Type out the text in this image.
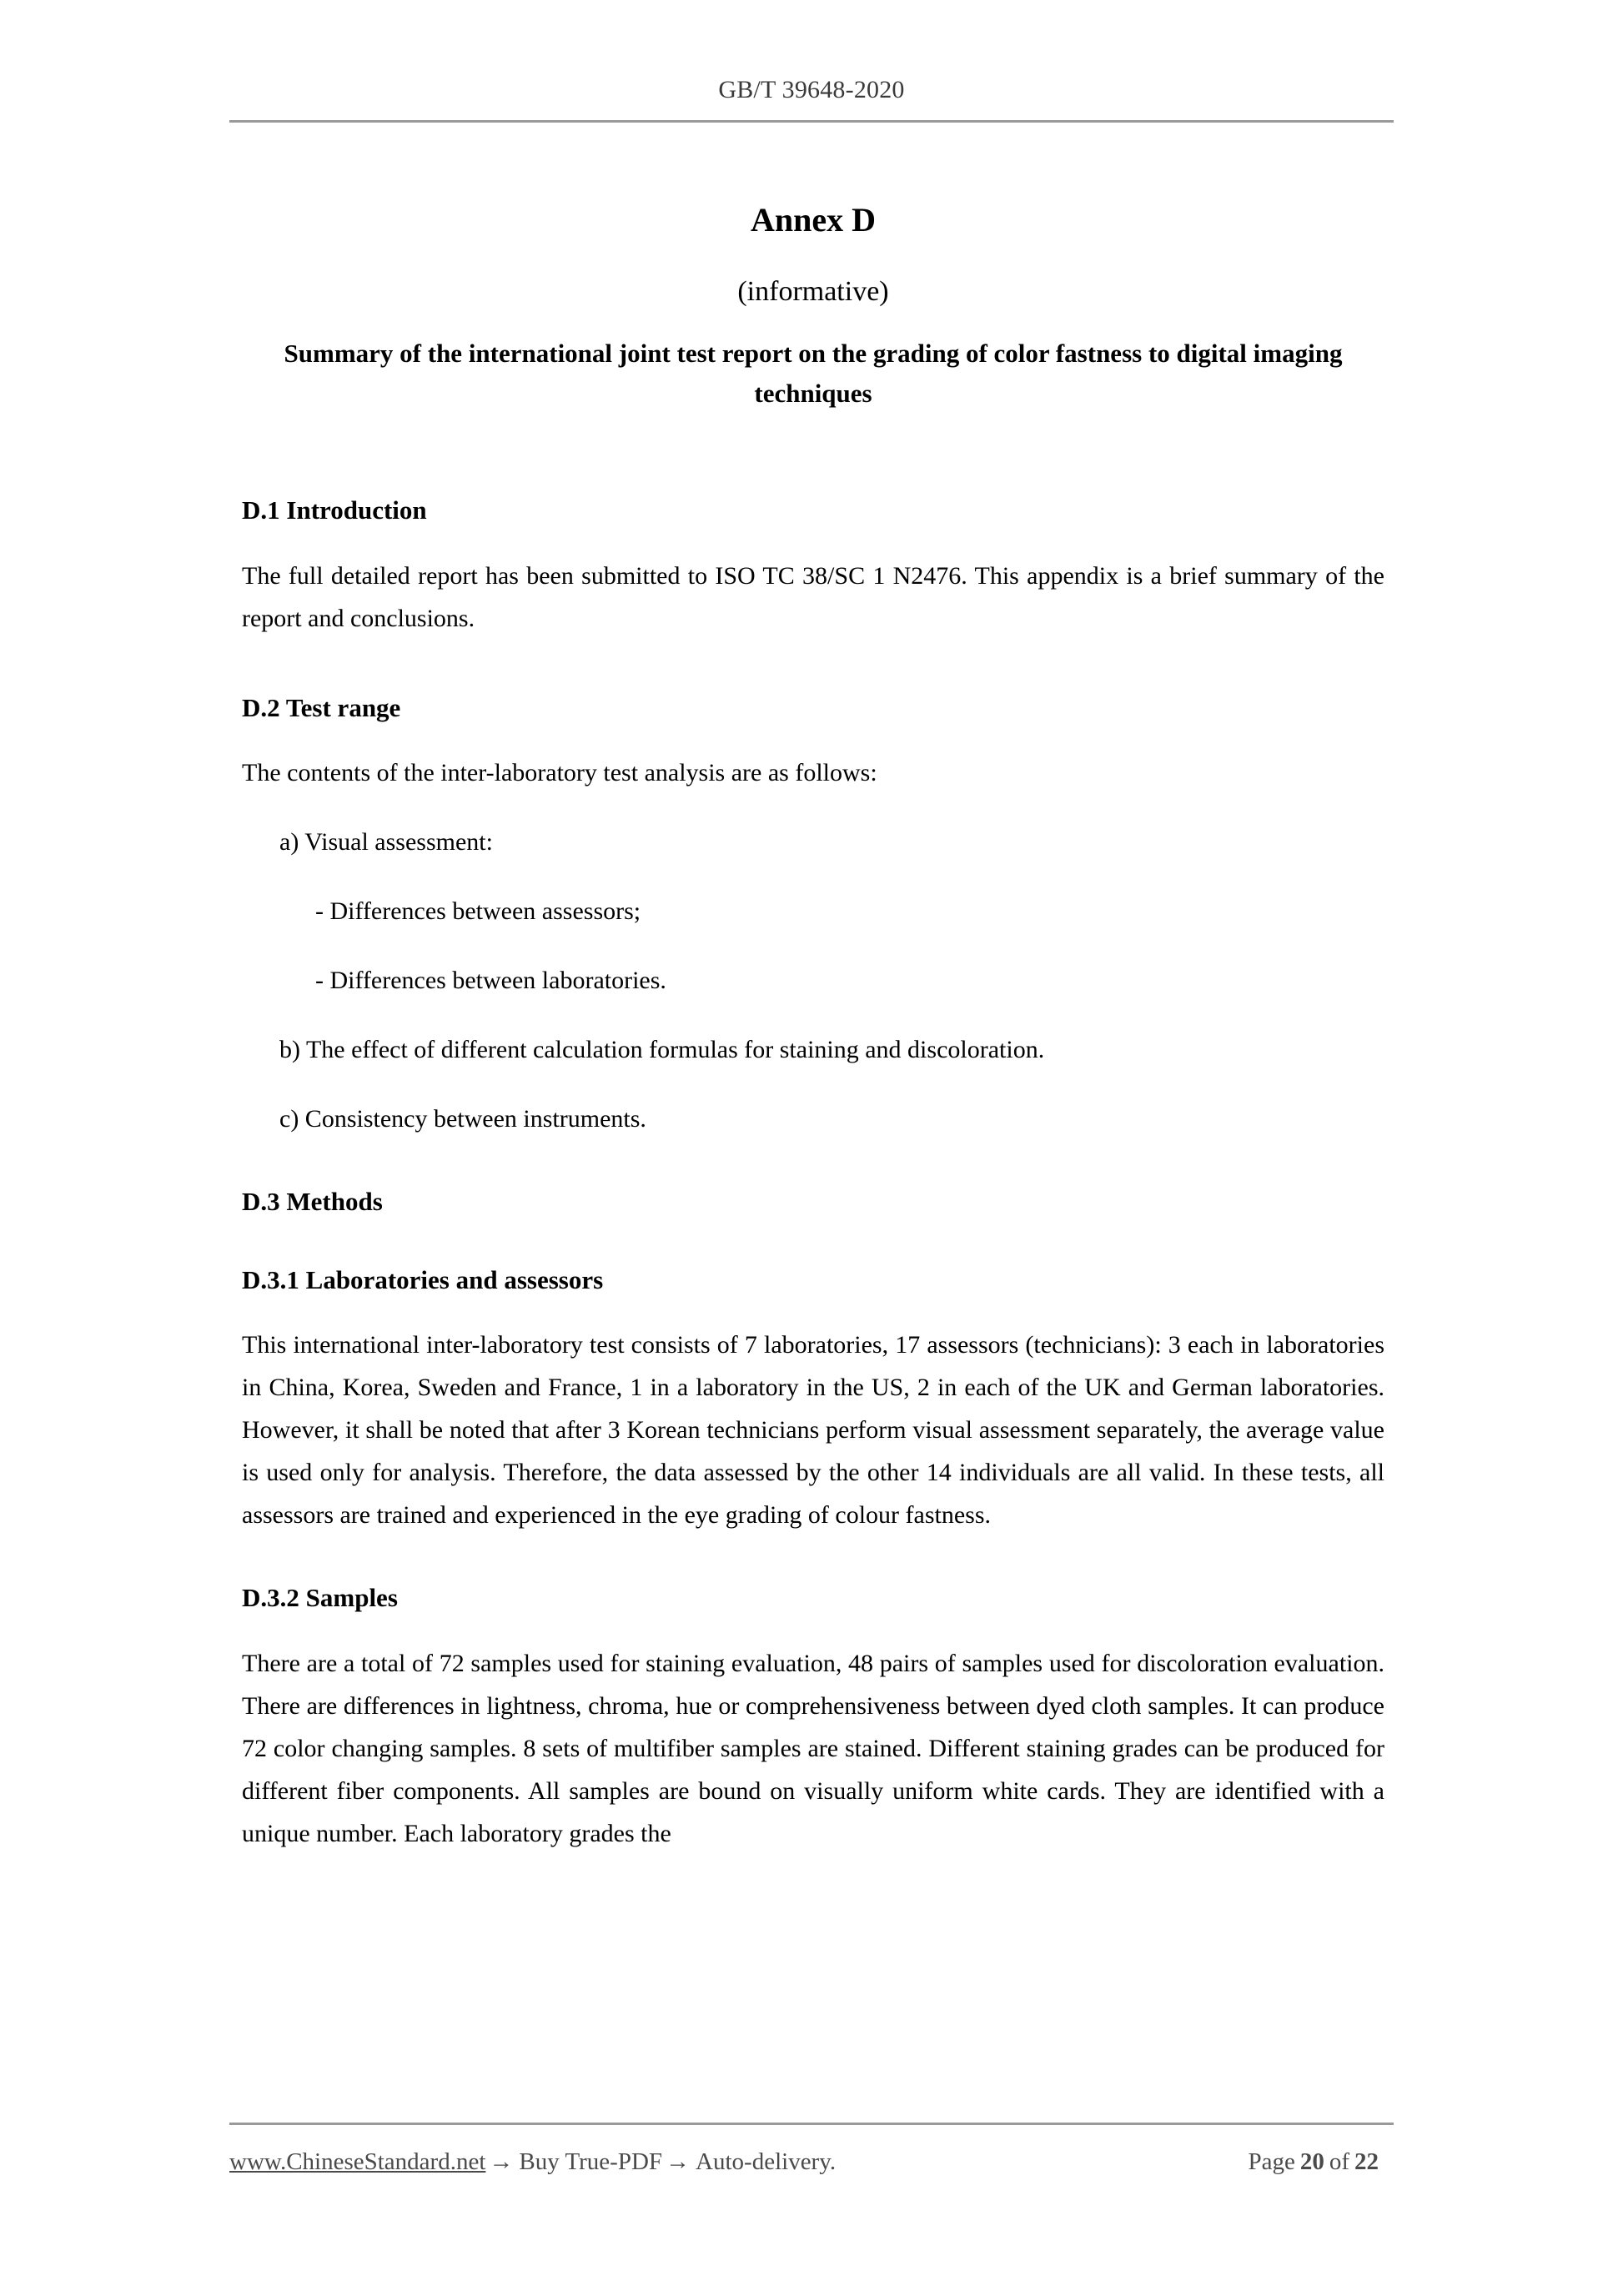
GB/T 39648-2020
Annex D
(informative)
Summary of the international joint test report on the grading of color fastness to digital imaging techniques
D.1 Introduction
The full detailed report has been submitted to ISO TC 38/SC 1 N2476. This appendix is a brief summary of the report and conclusions.
D.2 Test range
The contents of the inter-laboratory test analysis are as follows:
a) Visual assessment:
- Differences between assessors;
- Differences between laboratories.
b) The effect of different calculation formulas for staining and discoloration.
c) Consistency between instruments.
D.3 Methods
D.3.1 Laboratories and assessors
This international inter-laboratory test consists of 7 laboratories, 17 assessors (technicians): 3 each in laboratories in China, Korea, Sweden and France, 1 in a laboratory in the US, 2 in each of the UK and German laboratories. However, it shall be noted that after 3 Korean technicians perform visual assessment separately, the average value is used only for analysis. Therefore, the data assessed by the other 14 individuals are all valid. In these tests, all assessors are trained and experienced in the eye grading of colour fastness.
D.3.2 Samples
There are a total of 72 samples used for staining evaluation, 48 pairs of samples used for discoloration evaluation. There are differences in lightness, chroma, hue or comprehensiveness between dyed cloth samples. It can produce 72 color changing samples. 8 sets of multifiber samples are stained. Different staining grades can be produced for different fiber components. All samples are bound on visually uniform white cards. They are identified with a unique number. Each laboratory grades the
www.ChineseStandard.net → Buy True-PDF → Auto-delivery.	Page 20 of 22
